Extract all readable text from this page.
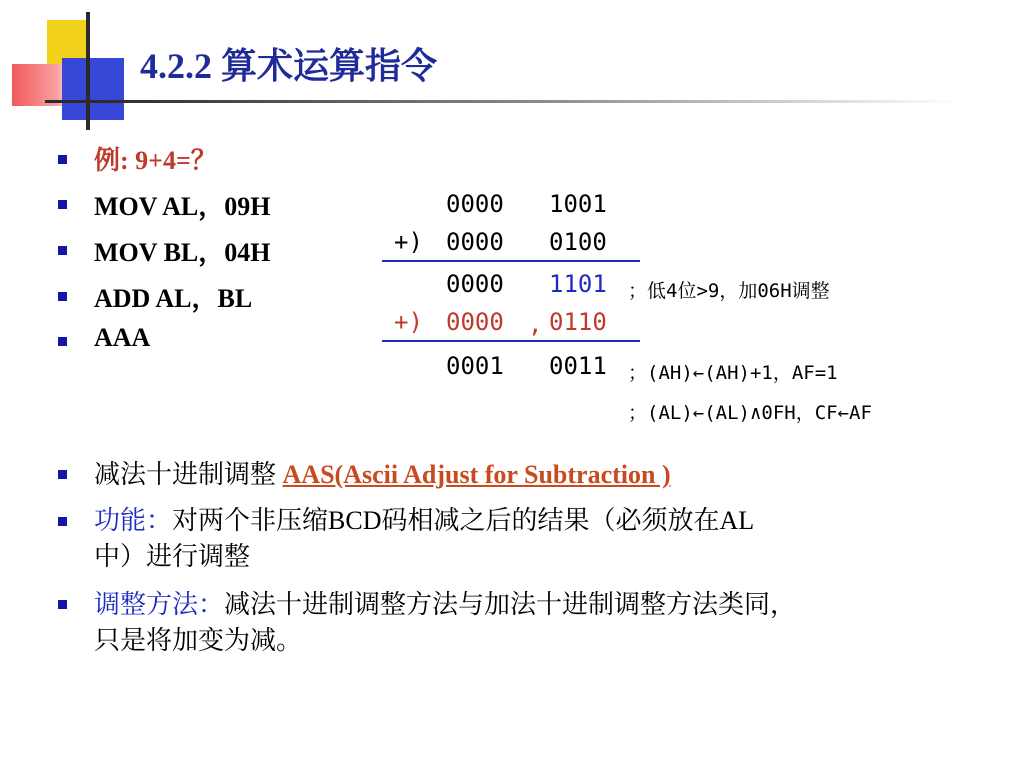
4.2.2 算术运算指令
例: 9+4=？
MOV AL，09H
MOV BL，04H
ADD AL，BL
AAA
0000 1001
+) 0000 0100
0000 1101 ；低4位>9，加06H调整
+) 0000 , 0110
0001 0011 ；(AH)←(AH)+1，AF=1
；(AL)←(AL)∧0FH，CF←AF
减法十进制调整 AAS(Ascii Adjust for Subtraction )
功能：对两个非压缩BCD码相减之后的结果（必须放在AL
中）进行调整
调整方法：减法十进制调整方法与加法十进制调整方法类同，
只是将加变为减。
